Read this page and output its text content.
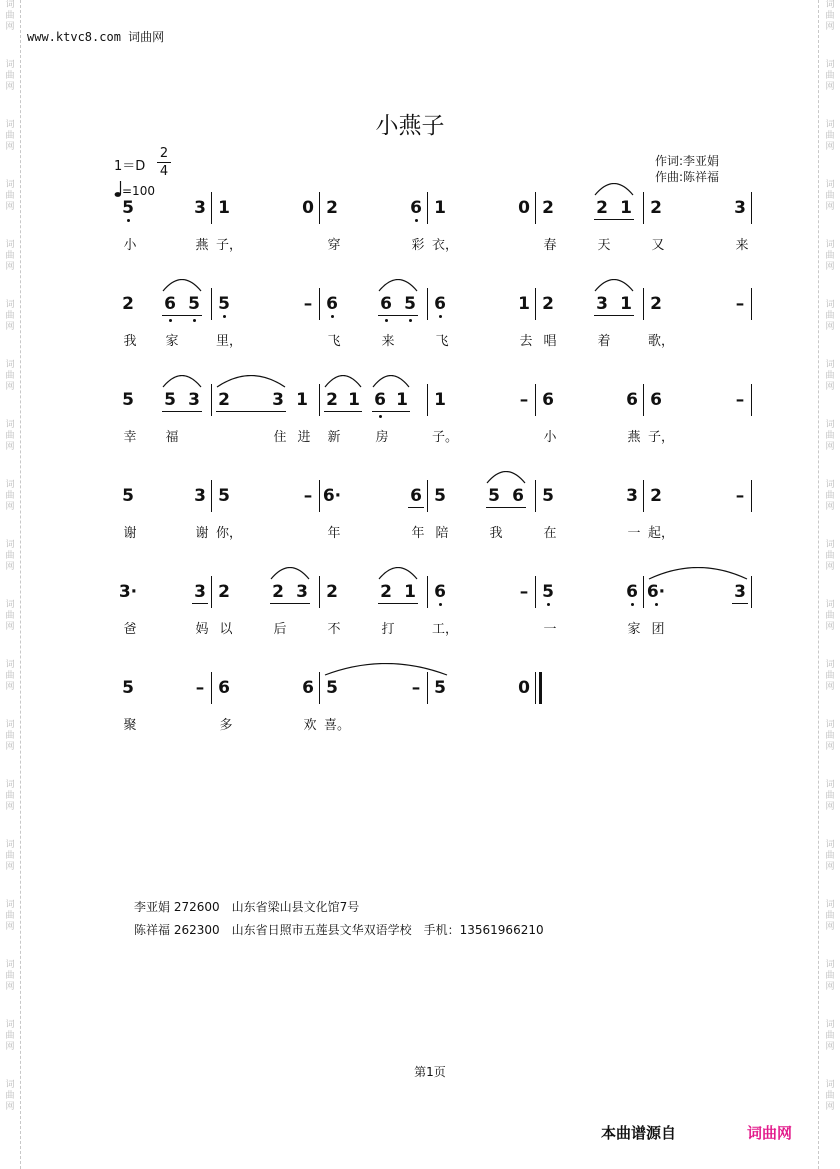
词
曲
网
词
曲
网
词
曲
网
词
曲
网
词
曲
网
词
曲
网
词
曲
网
词
曲
网
词
曲
网
词
曲
网
词
曲
网
词
曲
网
词
曲
网
词
曲
网
词
曲
网
词
曲
网
词
曲
网
词
曲
网
词
曲
网
词
曲
网
词
曲
网
词
曲
网
词
曲
网
词
曲
网
词
曲
网
词
曲
网
词
曲
网
词
曲
网
词
曲
网
词
曲
网
词
曲
网
词
曲
网
词
曲
网
词
曲
网
词
曲
网
词
曲
网
词
曲
网
词
曲
网
www.ktvc8.com 词曲网
小燕子
1＝D
2
4
=100
作词:李亚娟
作曲:陈祥福
5	3
小	燕
1	0
子，
2	6
穿	彩
1	0
衣，
2 2 1
春	天
2	3
又	来
2 6 5
我 家
5	–
里，
6 6 5
飞	来
6	1
飞	去
2 3 1
唱	着
2	–
歌，
5 5 3
幸 福
2 3 1
住 进
2 1 6 1
新	房
1	–
子。
6	6
小	燕
6	–
子，
5	3
谢	谢
5	–
你，
6·	6
年	年
5 5 6
陪	我
5	3
在	一
2	–
起，
3·	3
爸	妈
2 2 3
以	后
2 2 1
不	打
6	–
工，
5	6
一	家
6·	3
团
5	–
聚
6	6
多	欢
5	–
喜。
5	0
李亚娟 272600　山东省梁山县文化馆7号
陈祥福 262300　山东省日照市五莲县文华双语学校　手机：13561966210
第1页
本曲谱源自	词曲网
